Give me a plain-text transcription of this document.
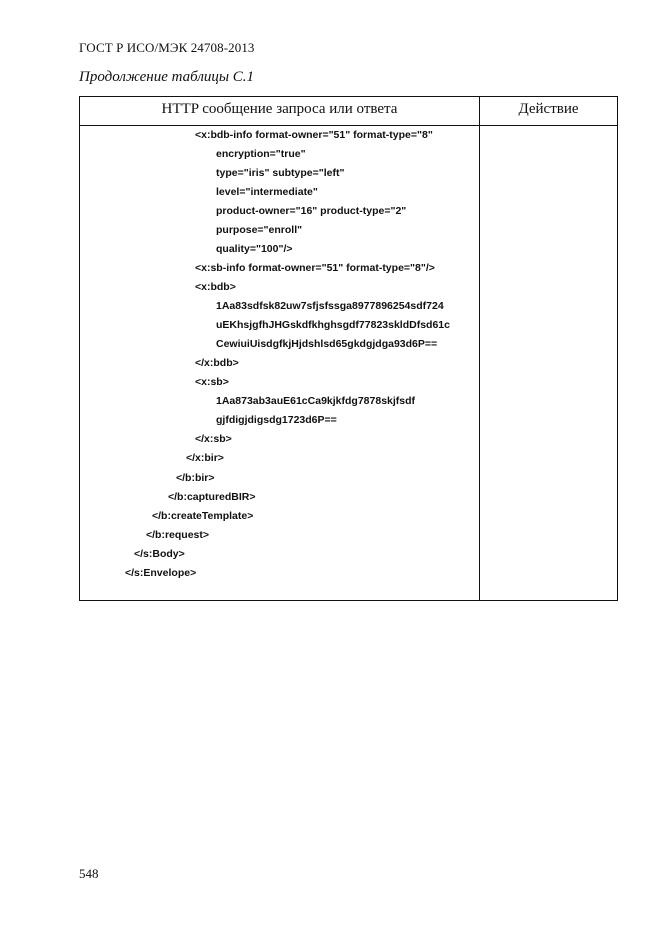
ГОСТ Р ИСО/МЭК 24708-2013
Продолжение таблицы С.1
HTTP сообщение запроса или ответа	Действие
<x:bdb-info format-owner="51" format-type="8"
encryption="true"
type="iris" subtype="left"
level="intermediate"
product-owner="16" product-type="2"
purpose="enroll"
quality="100"/>
<x:sb-info format-owner="51" format-type="8"/>
<x:bdb>
1Aa83sdfsk82uw7sfjsfssga8977896254sdf724
uEKhsjgfhJHGskdfkhghsgdf77823skldDfsd61c
CewiuiUisdgfkjHjdshlsd65gkdgjdga93d6P==
</x:bdb>
<x:sb>
1Aa873ab3auE61cCa9kjkfdg7878skjfsdf
gjfdigjdigsdg1723d6P==
</x:sb>
</x:bir>
</b:bir>
</b:capturedBIR>
</b:createTemplate>
</b:request>
</s:Body>
</s:Envelope>
548
